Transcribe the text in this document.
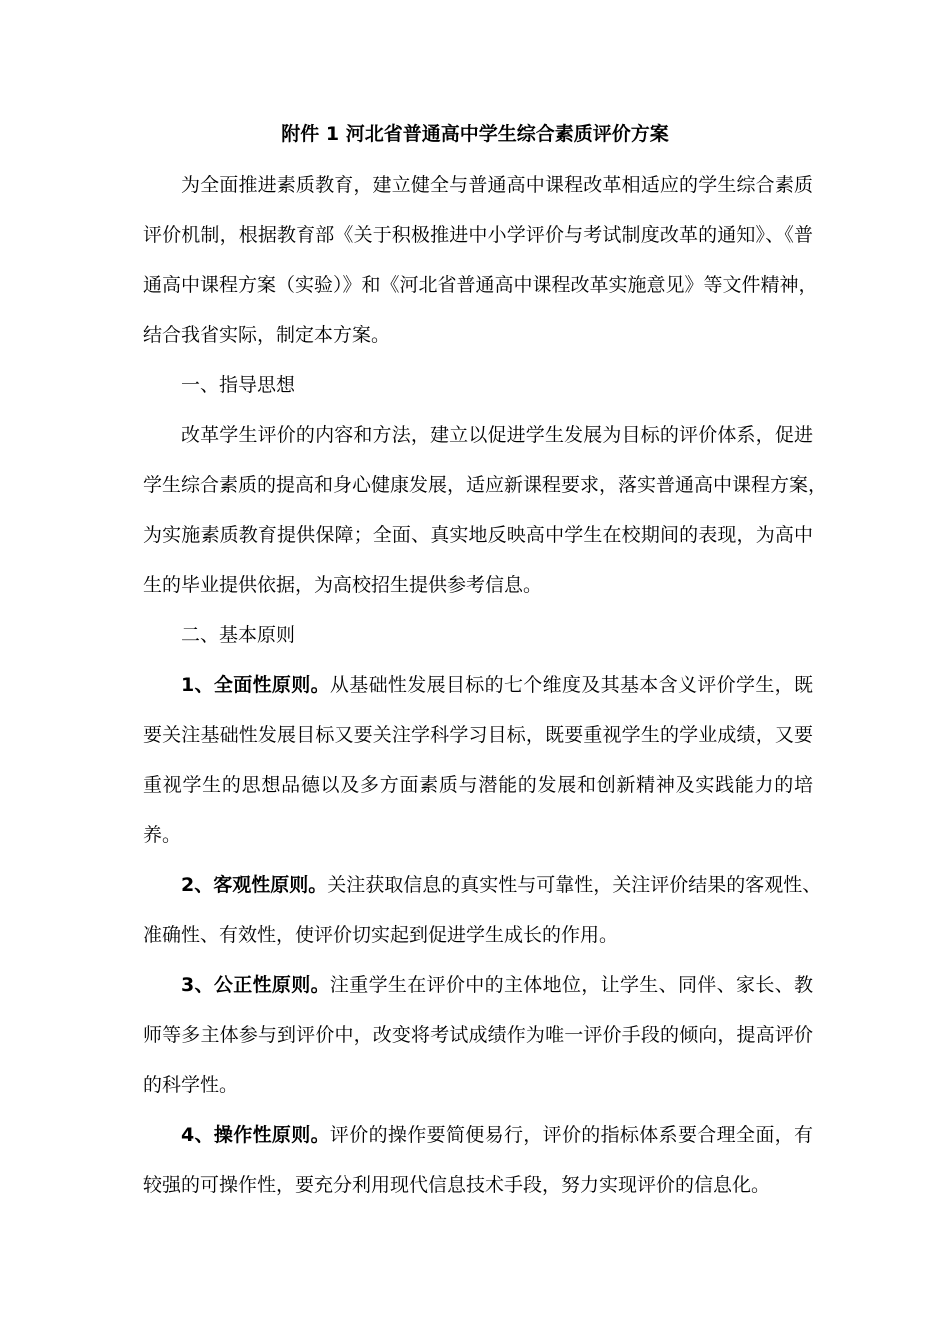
附件 1 河北省普通高中学生综合素质评价方案
为全面推进素质教育，建立健全与普通高中课程改革相适应的学生综合素质
评价机制，根据教育部《关于积极推进中小学评价与考试制度改革的通知》、《普
通高中课程方案（实验）》和《河北省普通高中课程改革实施意见》等文件精神，
结合我省实际，制定本方案。
一、指导思想
改革学生评价的内容和方法，建立以促进学生发展为目标的评价体系，促进
学生综合素质的提高和身心健康发展，适应新课程要求，落实普通高中课程方案，
为实施素质教育提供保障；全面、真实地反映高中学生在校期间的表现，为高中
生的毕业提供依据，为高校招生提供参考信息。
二、基本原则
1、全面性原则。从基础性发展目标的七个维度及其基本含义评价学生，既
要关注基础性发展目标又要关注学科学习目标，既要重视学生的学业成绩，又要
重视学生的思想品德以及多方面素质与潜能的发展和创新精神及实践能力的培
养。
2、客观性原则。关注获取信息的真实性与可靠性，关注评价结果的客观性、
准确性、有效性，使评价切实起到促进学生成长的作用。
3、公正性原则。注重学生在评价中的主体地位，让学生、同伴、家长、教
师等多主体参与到评价中，改变将考试成绩作为唯一评价手段的倾向，提高评价
的科学性。
4、操作性原则。评价的操作要简便易行，评价的指标体系要合理全面，有
较强的可操作性，要充分利用现代信息技术手段，努力实现评价的信息化。
